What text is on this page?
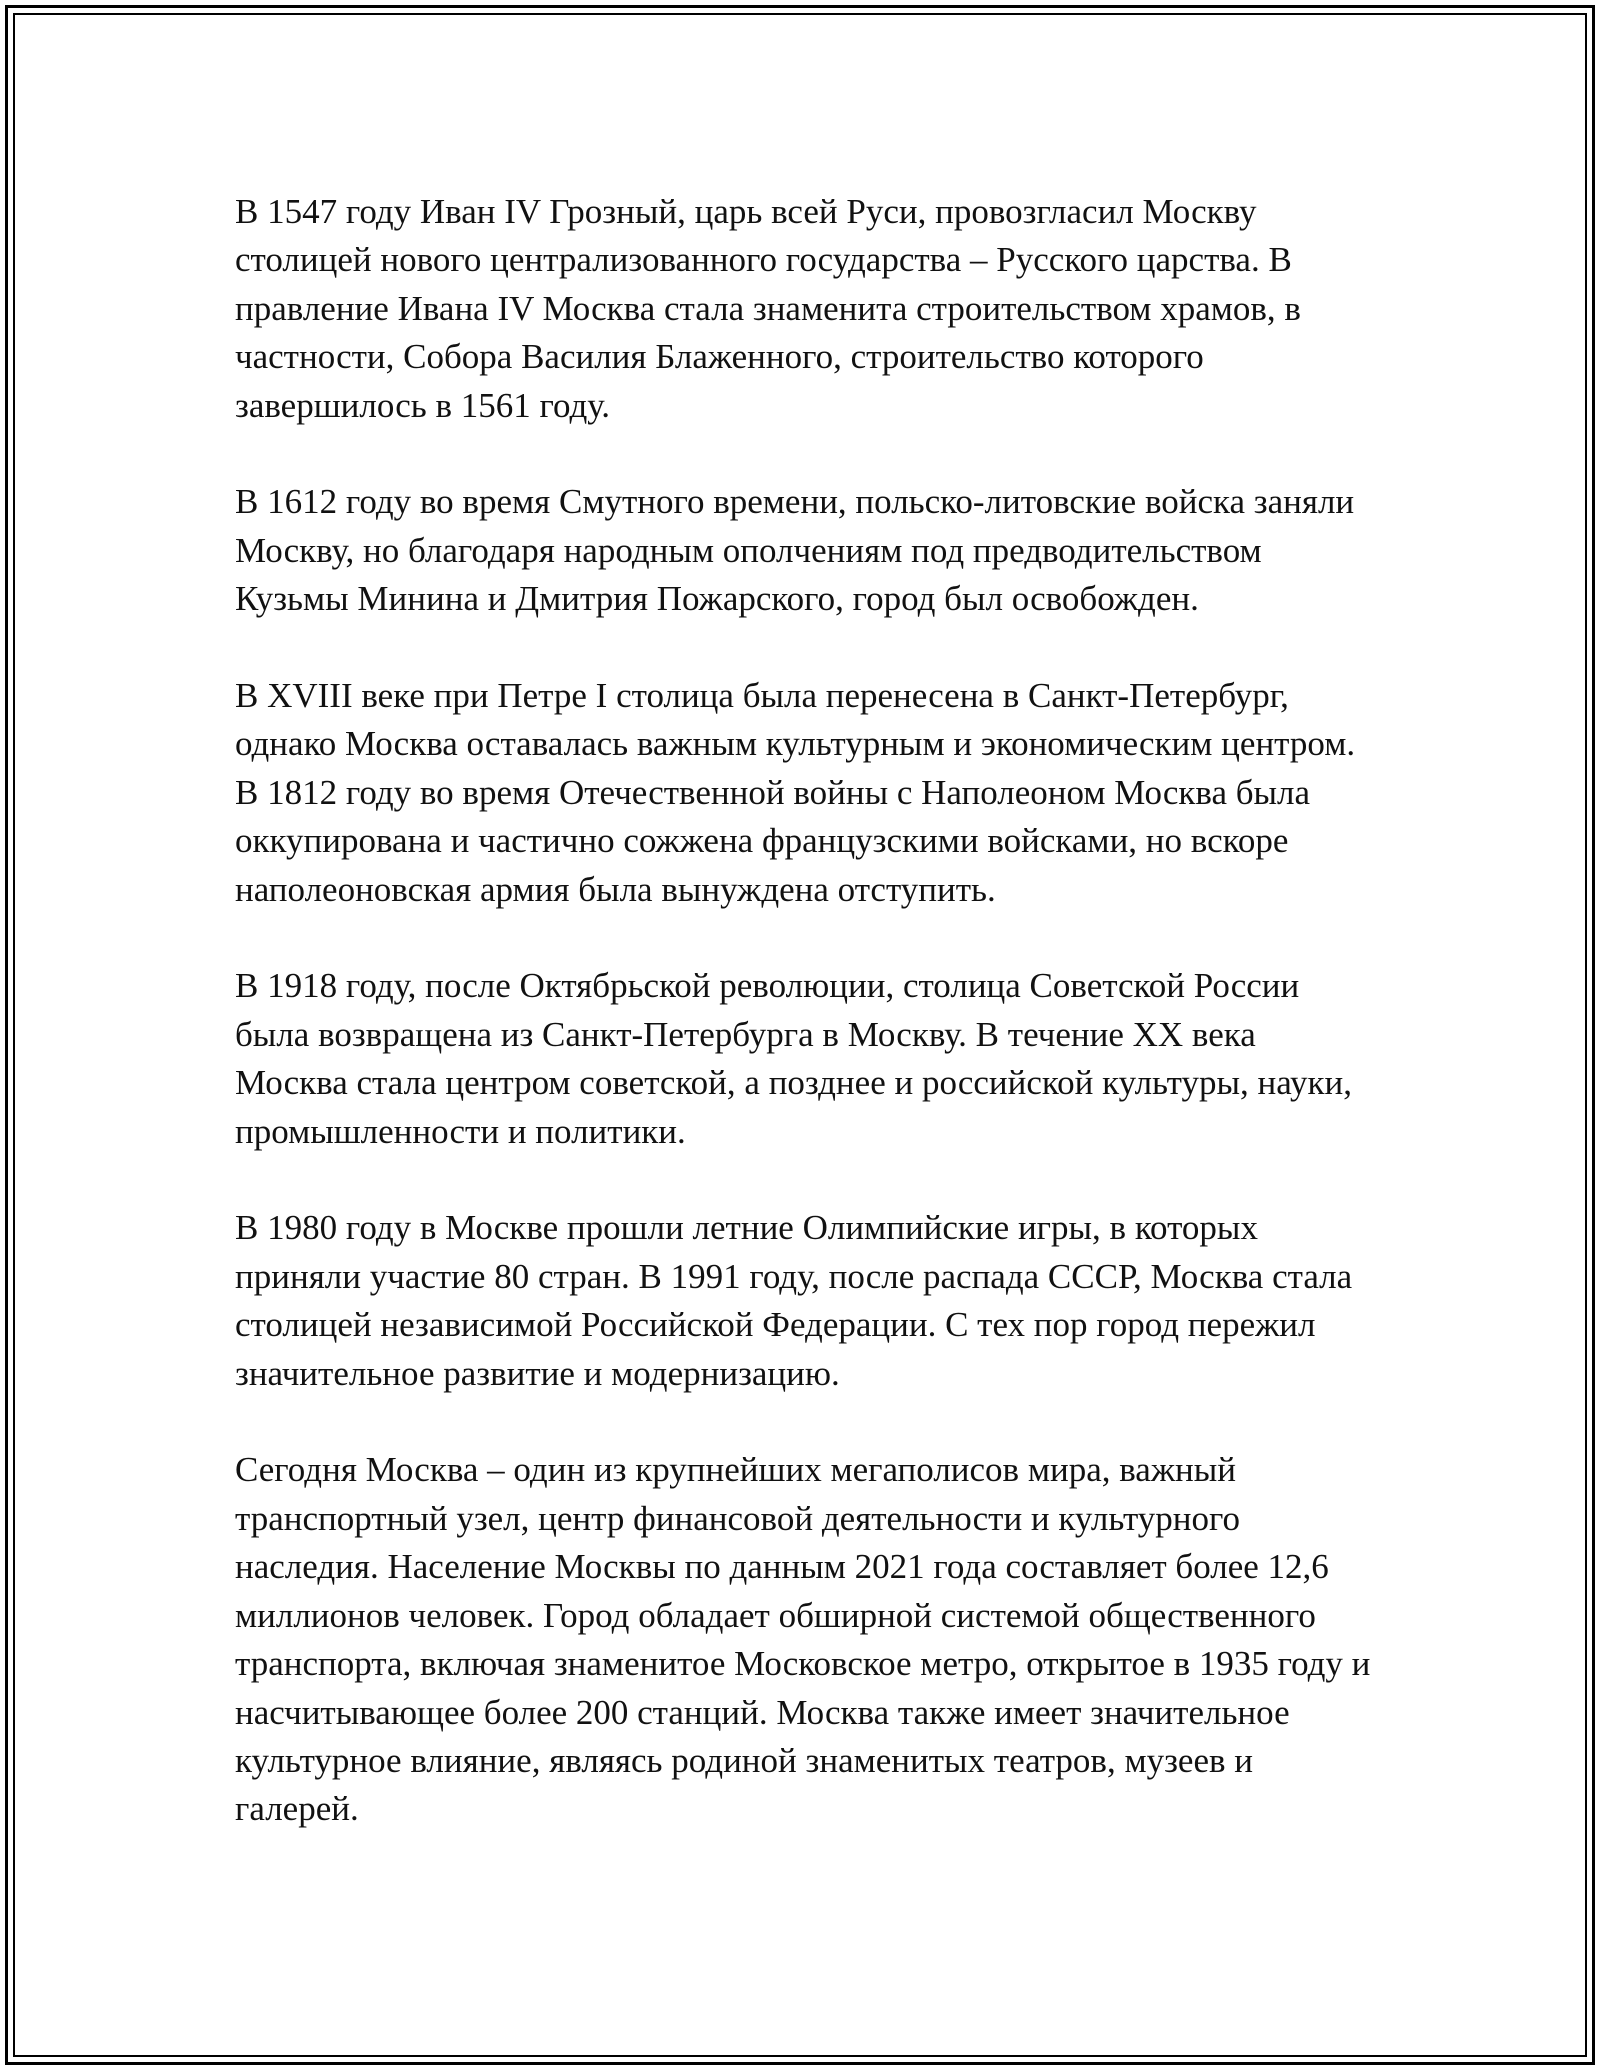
В 1547 году Иван IV Грозный, царь всей Руси, провозгласил Москву столицей нового централизованного государства – Русского царства. В правление Ивана IV Москва стала знаменита строительством храмов, в частности, Собора Василия Блаженного, строительство которого завершилось в 1561 году.

В 1612 году во время Смутного времени, польско-литовские войска заняли Москву, но благодаря народным ополчениям под предводительством Кузьмы Минина и Дмитрия Пожарского, город был освобожден.

В XVIII веке при Петре I столица была перенесена в Санкт-Петербург, однако Москва оставалась важным культурным и экономическим центром. В 1812 году во время Отечественной войны с Наполеоном Москва была оккупирована и частично сожжена французскими войсками, но вскоре наполеоновская армия была вынуждена отступить.

В 1918 году, после Октябрьской революции, столица Советской России была возвращена из Санкт-Петербурга в Москву. В течение XX века Москва стала центром советской, а позднее и российской культуры, науки, промышленности и политики.

В 1980 году в Москве прошли летние Олимпийские игры, в которых приняли участие 80 стран. В 1991 году, после распада СССР, Москва стала столицей независимой Российской Федерации. С тех пор город пережил значительное развитие и модернизацию.

Сегодня Москва – один из крупнейших мегаполисов мира, важный транспортный узел, центр финансовой деятельности и культурного наследия. Население Москвы по данным 2021 года составляет более 12,6 миллионов человек. Город обладает обширной системой общественного транспорта, включая знаменитое Московское метро, открытое в 1935 году и насчитывающее более 200 станций. Москва также имеет значительное культурное влияние, являясь родиной знаменитых театров, музеев и галерей.
